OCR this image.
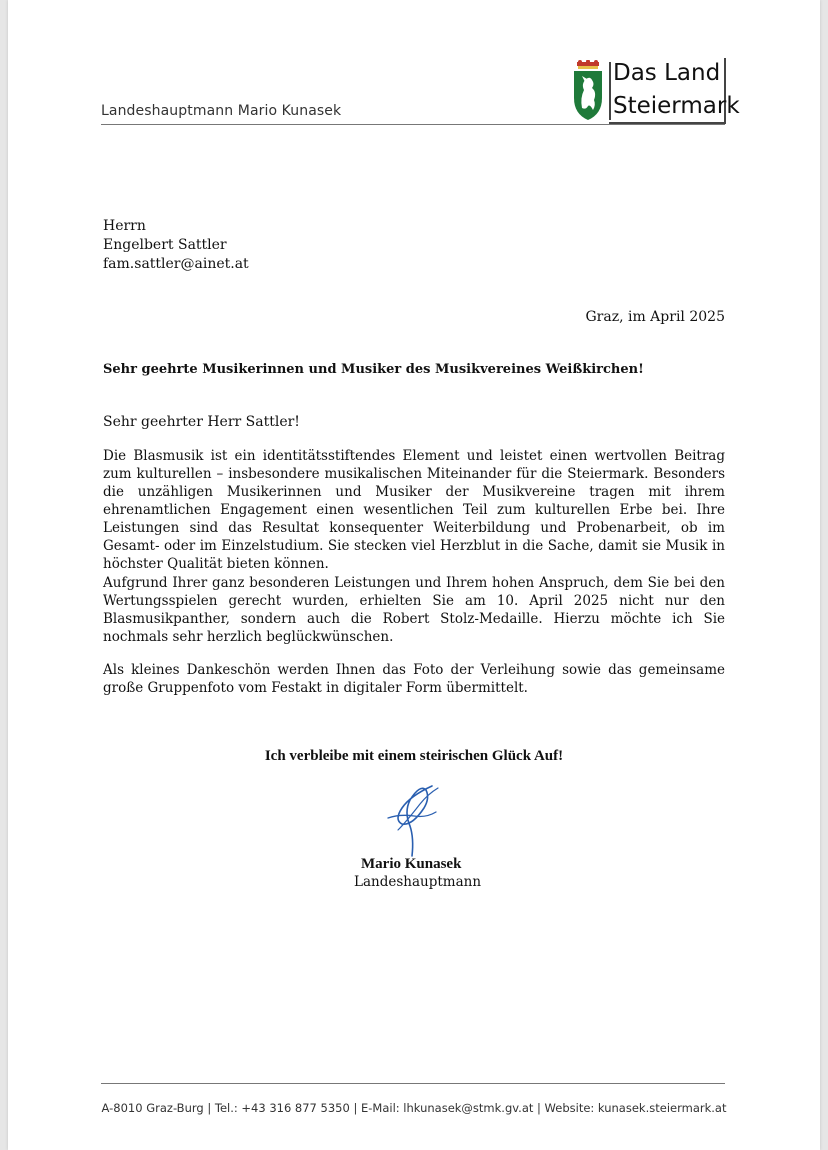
Landeshauptmann Mario Kunasek
Das Land
Steiermark
Herrn
Engelbert Sattler
fam.sattler@ainet.at
Graz, im April 2025
Sehr geehrte Musikerinnen und Musiker des Musikvereines Weißkirchen!
Sehr geehrter Herr Sattler!

Die Blasmusik ist ein identitätsstiftendes Element und leistet einen wertvollen Beitrag zum kulturellen – insbesondere musikalischen Miteinander für die Steiermark. Besonders die unzähligen Musikerinnen und Musiker der Musikvereine tragen mit ihrem ehrenamtlichen Engagement einen wesentlichen Teil zum kulturellen Erbe bei. Ihre Leistungen sind das Resultat konsequenter Weiterbildung und Probenarbeit, ob im Gesamt- oder im Einzelstudium. Sie stecken viel Herzblut in die Sache, damit sie Musik in höchster Qualität bieten können.

Aufgrund Ihrer ganz besonderen Leistungen und Ihrem hohen Anspruch, dem Sie bei den Wertungsspielen gerecht wurden, erhielten Sie am 10. April 2025 nicht nur den Blasmusikpanther, sondern auch die Robert Stolz-Medaille. Hierzu möchte ich Sie nochmals sehr herzlich beglückwünschen.

Als kleines Dankeschön werden Ihnen das Foto der Verleihung sowie das gemeinsame große Gruppenfoto vom Festakt in digitaler Form übermittelt.

Ich verbleibe mit einem steirischen Glück Auf!
Mario Kunasek
Landeshauptmann
A-8010 Graz-Burg | Tel.: +43 316 877 5350 | E-Mail: lhkunasek@stmk.gv.at | Website: kunasek.steiermark.at
